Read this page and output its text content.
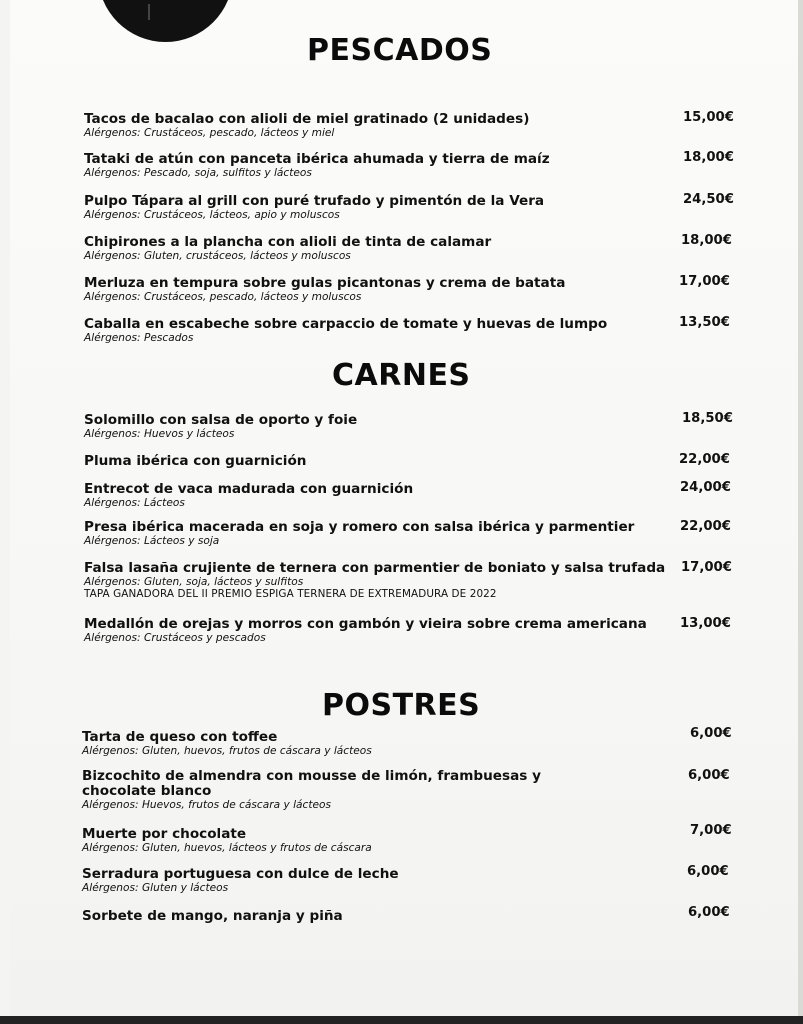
PESCADOS
Tacos de bacalao con alioli de miel gratinado (2 unidades)
Alérgenos: Crustáceos, pescado, lácteos y miel
15,00€
Tataki de atún con panceta ibérica ahumada y tierra de maíz
Alérgenos: Pescado, soja, sulfitos y lácteos
18,00€
Pulpo Tápara al grill con puré trufado y pimentón de la Vera
Alérgenos: Crustáceos, lácteos, apio y moluscos
24,50€
Chipirones a la plancha con alioli de tinta de calamar
Alérgenos: Gluten, crustáceos, lácteos y moluscos
18,00€
Merluza en tempura sobre gulas picantonas y crema de batata
Alérgenos: Crustáceos, pescado, lácteos y moluscos
17,00€
Caballa en escabeche sobre carpaccio de tomate y huevas de lumpo
Alérgenos: Pescados
13,50€
CARNES
Solomillo con salsa de oporto y foie
Alérgenos: Huevos y lácteos
18,50€
Pluma ibérica con guarnición	22,00€
Entrecot de vaca madurada con guarnición
Alérgenos: Lácteos
24,00€
Presa ibérica macerada en soja y romero con salsa ibérica y parmentier
Alérgenos: Lácteos y soja
22,00€
Falsa lasaña crujiente de ternera con parmentier de boniato y salsa trufada
Alérgenos: Gluten, soja, lácteos y sulfitos
TAPA GANADORA DEL II PREMIO ESPIGA TERNERA DE EXTREMADURA DE 2022
17,00€
Medallón de orejas y morros con gambón y vieira sobre crema americana
Alérgenos: Crustáceos y pescados
13,00€
POSTRES
Tarta de queso con toffee
Alérgenos: Gluten, huevos, frutos de cáscara y lácteos
6,00€
Bizcochito de almendra con mousse de limón, frambuesas y chocolate blanco
Alérgenos: Huevos, frutos de cáscara y lácteos
6,00€
Muerte por chocolate
Alérgenos: Gluten, huevos, lácteos y frutos de cáscara
7,00€
Serradura portuguesa con dulce de leche
Alérgenos: Gluten y lácteos
6,00€
Sorbete de mango, naranja y piña	6,00€
